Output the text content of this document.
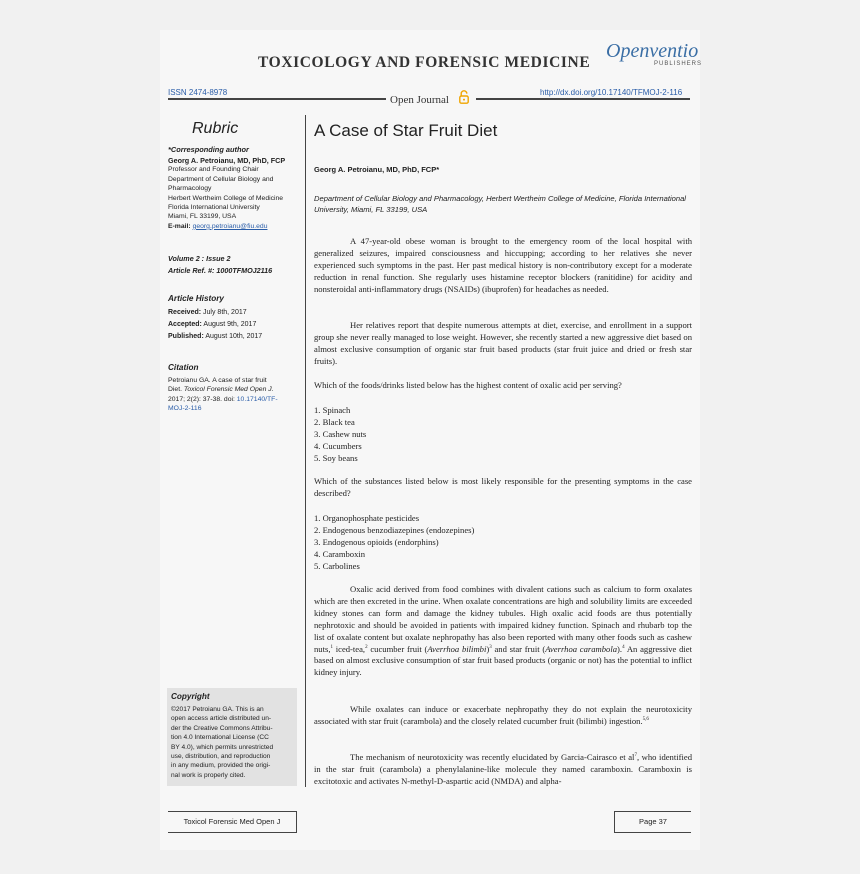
TOXICOLOGY AND FORENSIC MEDICINE
Openventio
PUBLISHERS
ISSN 2474-8978	http://dx.doi.org/10.17140/TFMOJ-2-116
Open Journal
Rubric
*Corresponding author
Georg A. Petroianu, MD, PhD, FCP
Professor and Founding Chair
Department of Cellular Biology and
Pharmacology
Herbert Wertheim College of Medicine
Florida International University
Miami, FL 33199, USA
E-mail: georg.petroianu@fiu.edu
Volume 2 : Issue 2
Article Ref. #: 1000TFMOJ2116
Article History
Received: July 8th, 2017
Accepted: August 9th, 2017
Published: August 10th, 2017
Citation
Petroianu GA. A case of star fruit
Diet. Toxicol Forensic Med Open J.
2017; 2(2): 37-38. doi: 10.17140/TF-
MOJ-2-116
Copyright
©2017 Petroianu GA. This is an
open access article distributed un-
der the Creative Commons Attribu-
tion 4.0 International License (CC
BY 4.0), which permits unrestricted
use, distribution, and reproduction
in any medium, provided the origi-
nal work is properly cited.
A Case of Star Fruit Diet
Georg A. Petroianu, MD, PhD, FCP*
Department of Cellular Biology and Pharmacology, Herbert Wertheim College of Medicine, Florida International University, Miami, FL 33199, USA
A 47-year-old obese woman is brought to the emergency room of the local hospital with generalized seizures, impaired consciousness and hiccupping; according to her relatives she never experienced such symptoms in the past. Her past medical history is non-contributory except for a moderate reduction in renal function. She regularly uses histamine receptor blockers (ranitidine) for acidity and nonsteroidal anti-inflammatory drugs (NSAIDs) (ibuprofen) for headaches as needed.
Her relatives report that despite numerous attempts at diet, exercise, and enrollment in a support group she never really managed to lose weight. However, she recently started a new aggressive diet based on almost exclusive consumption of organic star fruit based products (star fruit juice and dried or fresh star fruits).
Which of the foods/drinks listed below has the highest content of oxalic acid per serving?
1. Spinach
2. Black tea
3. Cashew nuts
4. Cucumbers
5. Soy beans
Which of the substances listed below is most likely responsible for the presenting symptoms in the case described?
1. Organophosphate pesticides
2. Endogenous benzodiazepines (endozepines)
3. Endogenous opioids (endorphins)
4. Caramboxin
5. Carbolines
Oxalic acid derived from food combines with divalent cations such as calcium to form oxalates which are then excreted in the urine. When oxalate concentrations are high and solubility limits are exceeded kidney stones can form and damage the kidney tubules. High oxalic acid foods are thus potentially nephrotoxic and should be avoided in patients with impaired kidney function. Spinach and rhubarb top the list of oxalate content but oxalate nephropathy has also been reported with many other foods such as cashew nuts,$^1$ iced-tea,$^2$ cucumber fruit (Averrhoa bilimbi)$^3$ and star fruit (Averrhoa carambola).$^4$ An aggressive diet based on almost exclusive consumption of star fruit based products (organic or not) has the potential to inflict kidney injury.
While oxalates can induce or exacerbate nephropathy they do not explain the neurotoxicity associated with star fruit (carambola) and the closely related cucumber fruit (bilimbi) ingestion.$^{5,6}$
The mechanism of neurotoxicity was recently elucidated by Garcia-Cairasco et $al^7$, who identified in the star fruit (carambola) a phenylalanine-like molecule they named caramboxin. Caramboxin is excitotoxic and activates N-methyl-D-aspartic acid (NMDA) and alpha-
Toxicol Forensic Med Open J	Page 37
